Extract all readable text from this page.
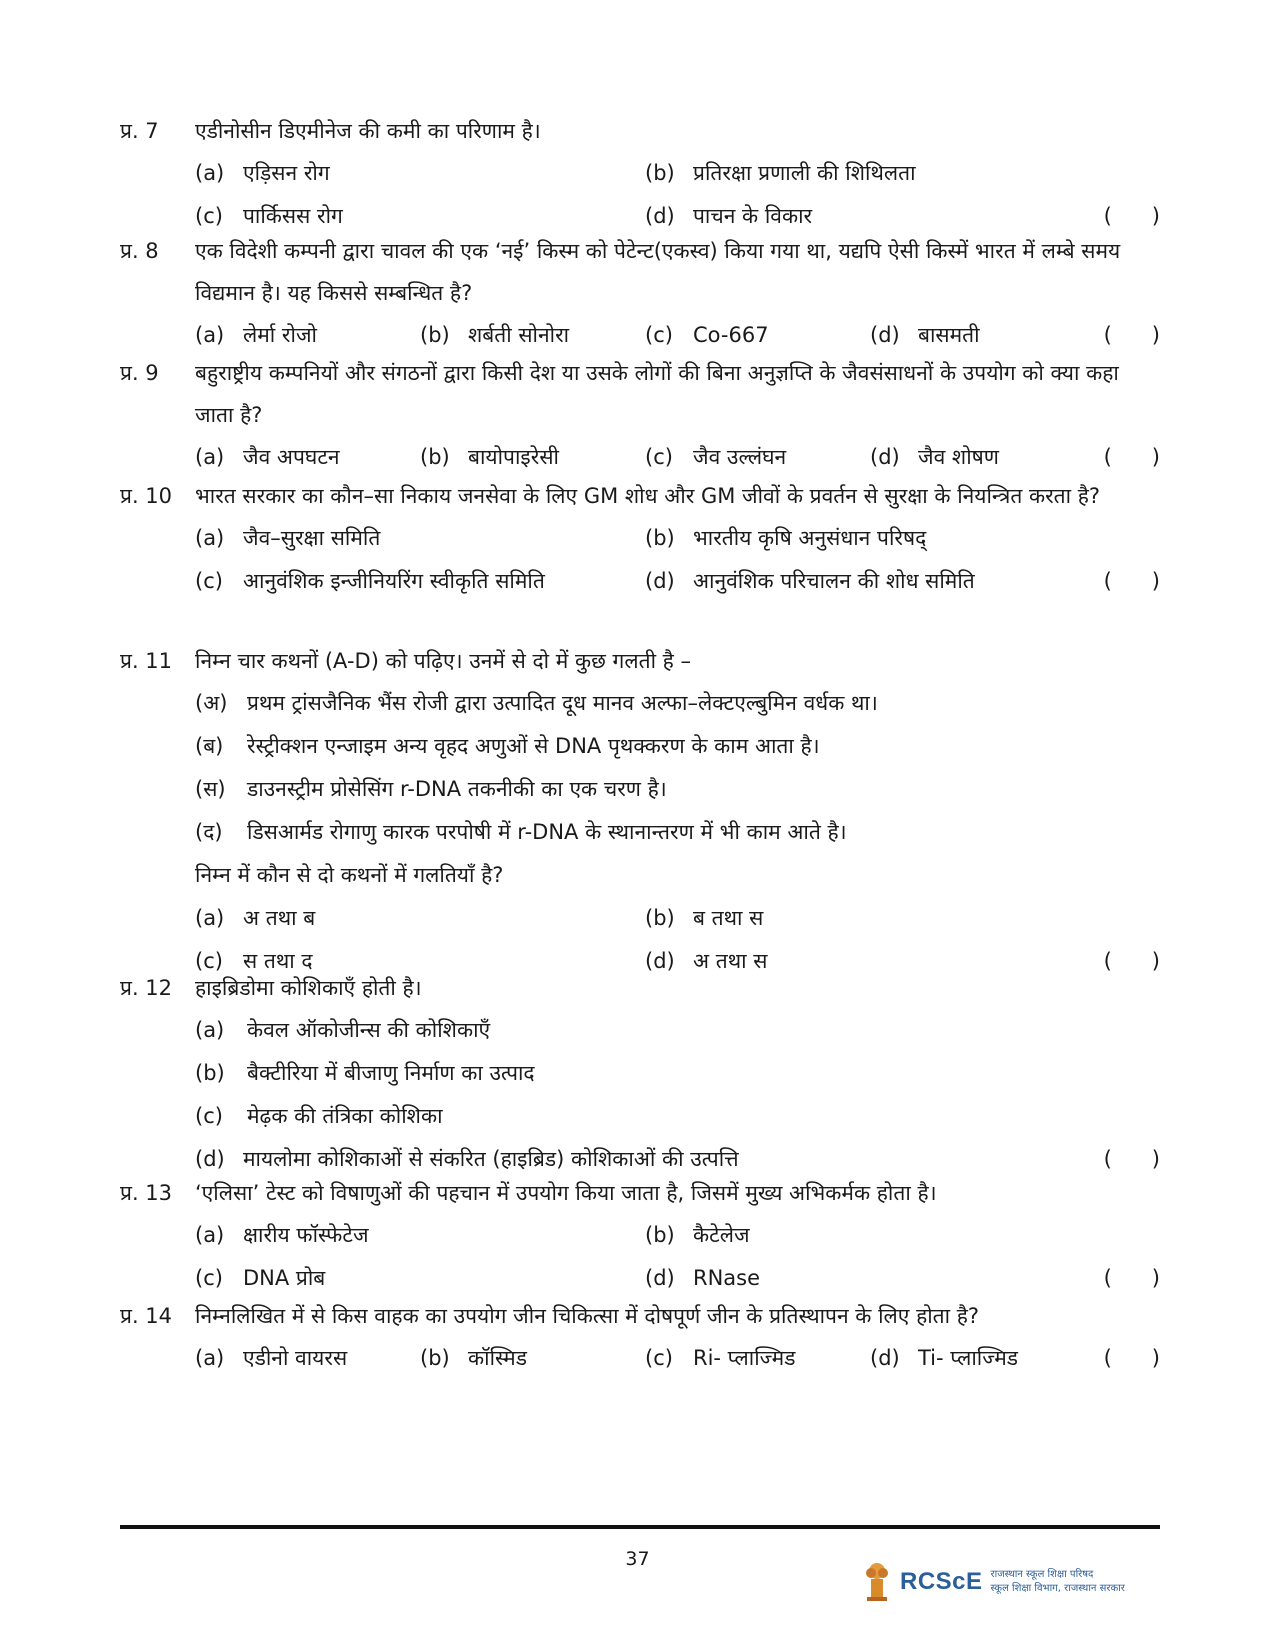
प्र. 7 एडीनोसीन डिएमीनेज की कमी का परिणाम है।
(a) एड़िसन रोग	(b) प्रतिरक्षा प्रणाली की शिथिलता
(c) पार्किसस रोग	(d) पाचन के विकार	(      )
प्र. 8 एक विदेशी कम्पनी द्वारा चावल की एक ‘नई’ किस्म को पेटेन्ट(एकस्व) किया गया था, यद्यपि ऐसी किस्में भारत में लम्बे समय विद्यमान है। यह किससे सम्बन्धित है?
(a) लेर्मा रोजो	(b) शर्बती सोनोरा	(c) Co-667	(d) बासमती	(      )
प्र. 9 बहुराष्ट्रीय कम्पनियों और संगठनों द्वारा किसी देश या उसके लोगों की बिना अनुज्ञप्ति के जैवसंसाधनों के उपयोग को क्या कहा जाता है?
(a) जैव अपघटन	(b) बायोपाइरेसी	(c) जैव उल्लंघन	(d) जैव शोषण	(      )
प्र. 10 भारत सरकार का कौन–सा निकाय जनसेवा के लिए GM शोध और GM जीवों के प्रवर्तन से सुरक्षा के नियन्त्रित करता है?
(a) जैव–सुरक्षा समिति	(b) भारतीय कृषि अनुसंधान परिषद्
(c) आनुवंशिक इन्जीनियरिंग स्वीकृति समिति	(d) आनुवंशिक परिचालन की शोध समिति	(      )
प्र. 11 निम्न चार कथनों (A-D) को पढ़िए। उनमें से दो में कुछ गलती है –
(अ) प्रथम ट्रांसजैनिक भैंस रोजी द्वारा उत्पादित दूध मानव अल्फा–लेक्टएल्बुमिन वर्धक था।
(ब) रेस्ट्रीक्शन एन्जाइम अन्य वृहद अणुओं से DNA पृथक्करण के काम आता है।
(स) डाउनस्ट्रीम प्रोसेसिंग r-DNA तकनीकी का एक चरण है।
(द) डिसआर्मड रोगाणु कारक परपोषी में r-DNA के स्थानान्तरण में भी काम आते है।
निम्न में कौन से दो कथनों में गलतियाँ है?
(a) अ तथा ब	(b) ब तथा स
(c) स तथा द	(d) अ तथा स	(      )
प्र. 12 हाइब्रिडोमा कोशिकाएँ होती है।
(a) केवल ऑकोजीन्स की कोशिकाएँ
(b) बैक्टीरिया में बीजाणु निर्माण का उत्पाद
(c) मेढ़क की तंत्रिका कोशिका
(d) मायलोमा कोशिकाओं से संकरित (हाइब्रिड) कोशिकाओं की उत्पत्ति	(      )
प्र. 13 ‘एलिसा’ टेस्ट को विषाणुओं की पहचान में उपयोग किया जाता है, जिसमें मुख्य अभिकर्मक होता है।
(a) क्षारीय फॉस्फेटेज	(b) कैटेलेज
(c) DNA प्रोब	(d) RNase	(      )
प्र. 14 निम्नलिखित में से किस वाहक का उपयोग जीन चिकित्सा में दोषपूर्ण जीन के प्रतिस्थापन के लिए होता है?
(a) एडीनो वायरस	(b) कॉस्मिड	(c) Ri- प्लाज्मिड	(d) Ti- प्लाज्मिड	(      )
37
RCScE राजस्थान स्कूल शिक्षा परिषद
स्कूल शिक्षा विभाग, राजस्थान सरकार
